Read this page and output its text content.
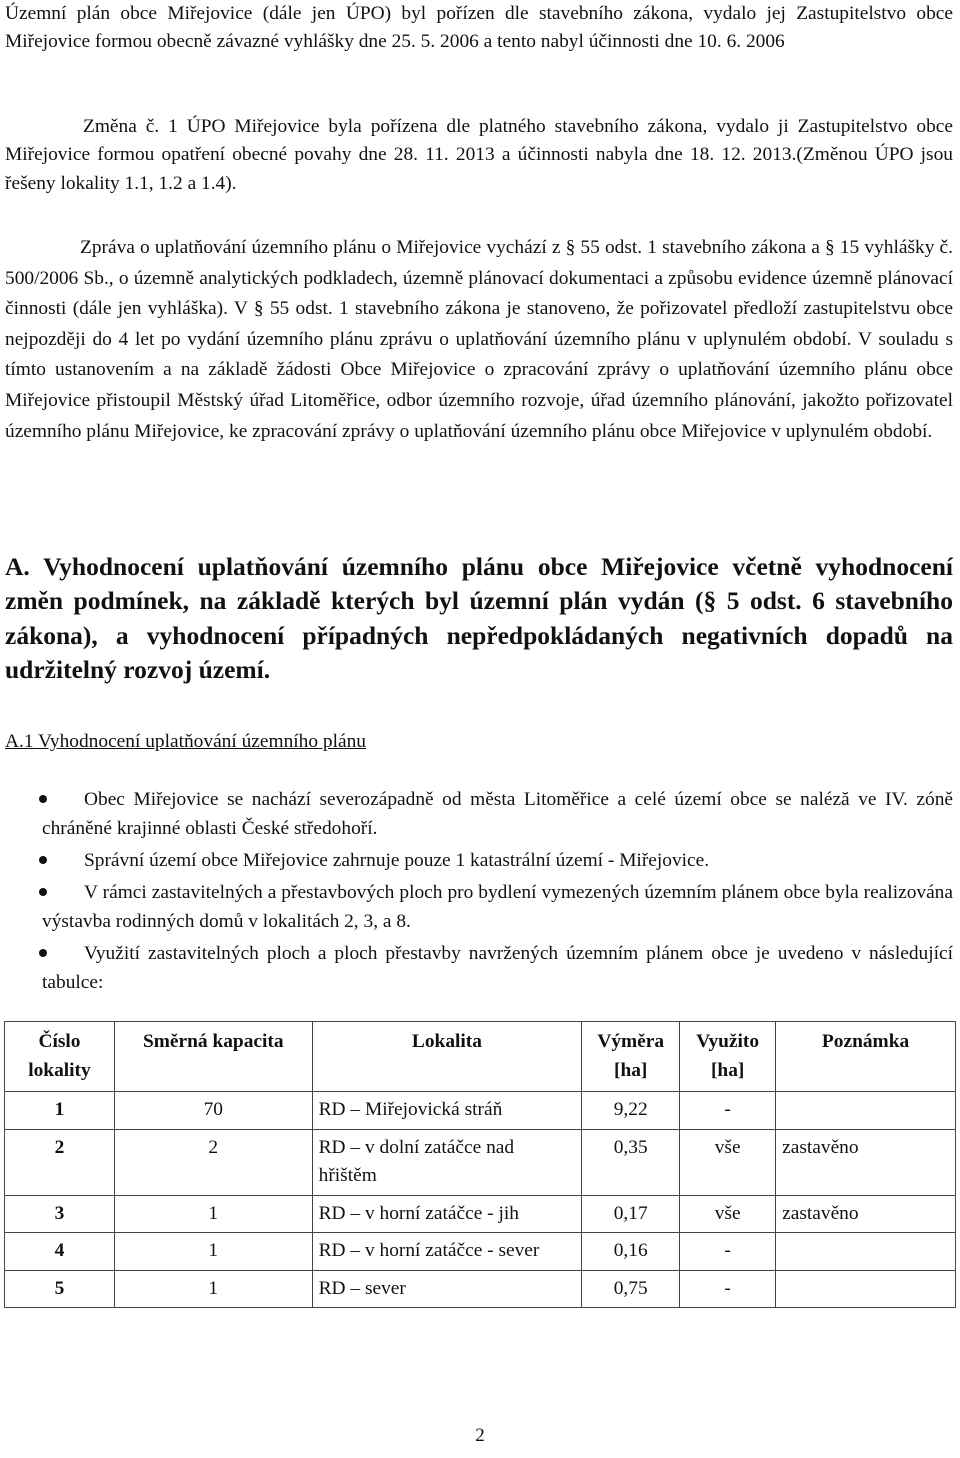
Územní plán obce Miřejovice (dále jen ÚPO) byl pořízen dle stavebního zákona, vydalo jej Zastupitelstvo obce Miřejovice formou obecně závazné vyhlášky dne 25. 5. 2006 a tento nabyl účinnosti dne 10. 6. 2006

Změna č. 1 ÚPO Miřejovice byla pořízena dle platného stavebního zákona, vydalo ji Zastupitelstvo obce Miřejovice formou opatření obecné povahy dne 28. 11. 2013 a účinnosti nabyla dne 18. 12. 2013.(Změnou ÚPO jsou řešeny lokality 1.1, 1.2 a 1.4).

Zpráva o uplatňování územního plánu o Miřejovice vychází z § 55 odst. 1 stavebního zákona a § 15 vyhlášky č. 500/2006 Sb., o územně analytických podkladech, územně plánovací dokumentaci a způsobu evidence územně plánovací činnosti (dále jen vyhláška). V § 55 odst. 1 stavebního zákona je stanoveno, že pořizovatel předloží zastupitelstvu obce nejpozději do 4 let po vydání územního plánu zprávu o uplatňování územního plánu v uplynulém období. V souladu s tímto ustanovením a na základě žádosti Obce Miřejovice o zpracování zprávy o uplatňování územního plánu obce Miřejovice přistoupil Městský úřad Litoměřice, odbor územního rozvoje, úřad územního plánování, jakožto pořizovatel územního plánu Miřejovice, ke zpracování zprávy o uplatňování územního plánu obce Miřejovice v uplynulém období.

A. Vyhodnocení uplatňování územního plánu obce Miřejovice včetně vyhodnocení změn podmínek, na základě kterých byl územní plán vydán (§ 5 odst. 6 stavebního zákona), a vyhodnocení případných nepředpokládaných negativních dopadů na udržitelný rozvoj území.

A.1 Vyhodnocení uplatňování územního plánu

Obec Miřejovice se nachází severozápadně od města Litoměřice a celé území obce se naléză ve IV. zóně chráněné krajinné oblasti České středohoří.
Správní území obce Miřejovice zahrnuje pouze 1 katastrální území - Miřejovice.
V rámci zastavitelných a přestavbových ploch pro bydlení vymezených územním plánem obce byla realizována výstavba rodinných domů v lokalitách 2, 3, a 8.
Využití zastavitelných ploch a ploch přestavby navržených územním plánem obce je uvedeno v následující tabulce:
Číslo lokality	Směrná kapacita	Lokalita	Výměra [ha]	Využito [ha]	Poznámka
1	70	RD – Miřejovická stráň	9,22	-	
2	2	RD – v dolní zatáčce nad hřištěm	0,35	vše	zastavěno
3	1	RD – v horní zatáčce - jih	0,17	vše	zastavěno
4	1	RD – v horní zatáčce - sever	0,16	-	
5	1	RD – sever	0,75	-	
2
